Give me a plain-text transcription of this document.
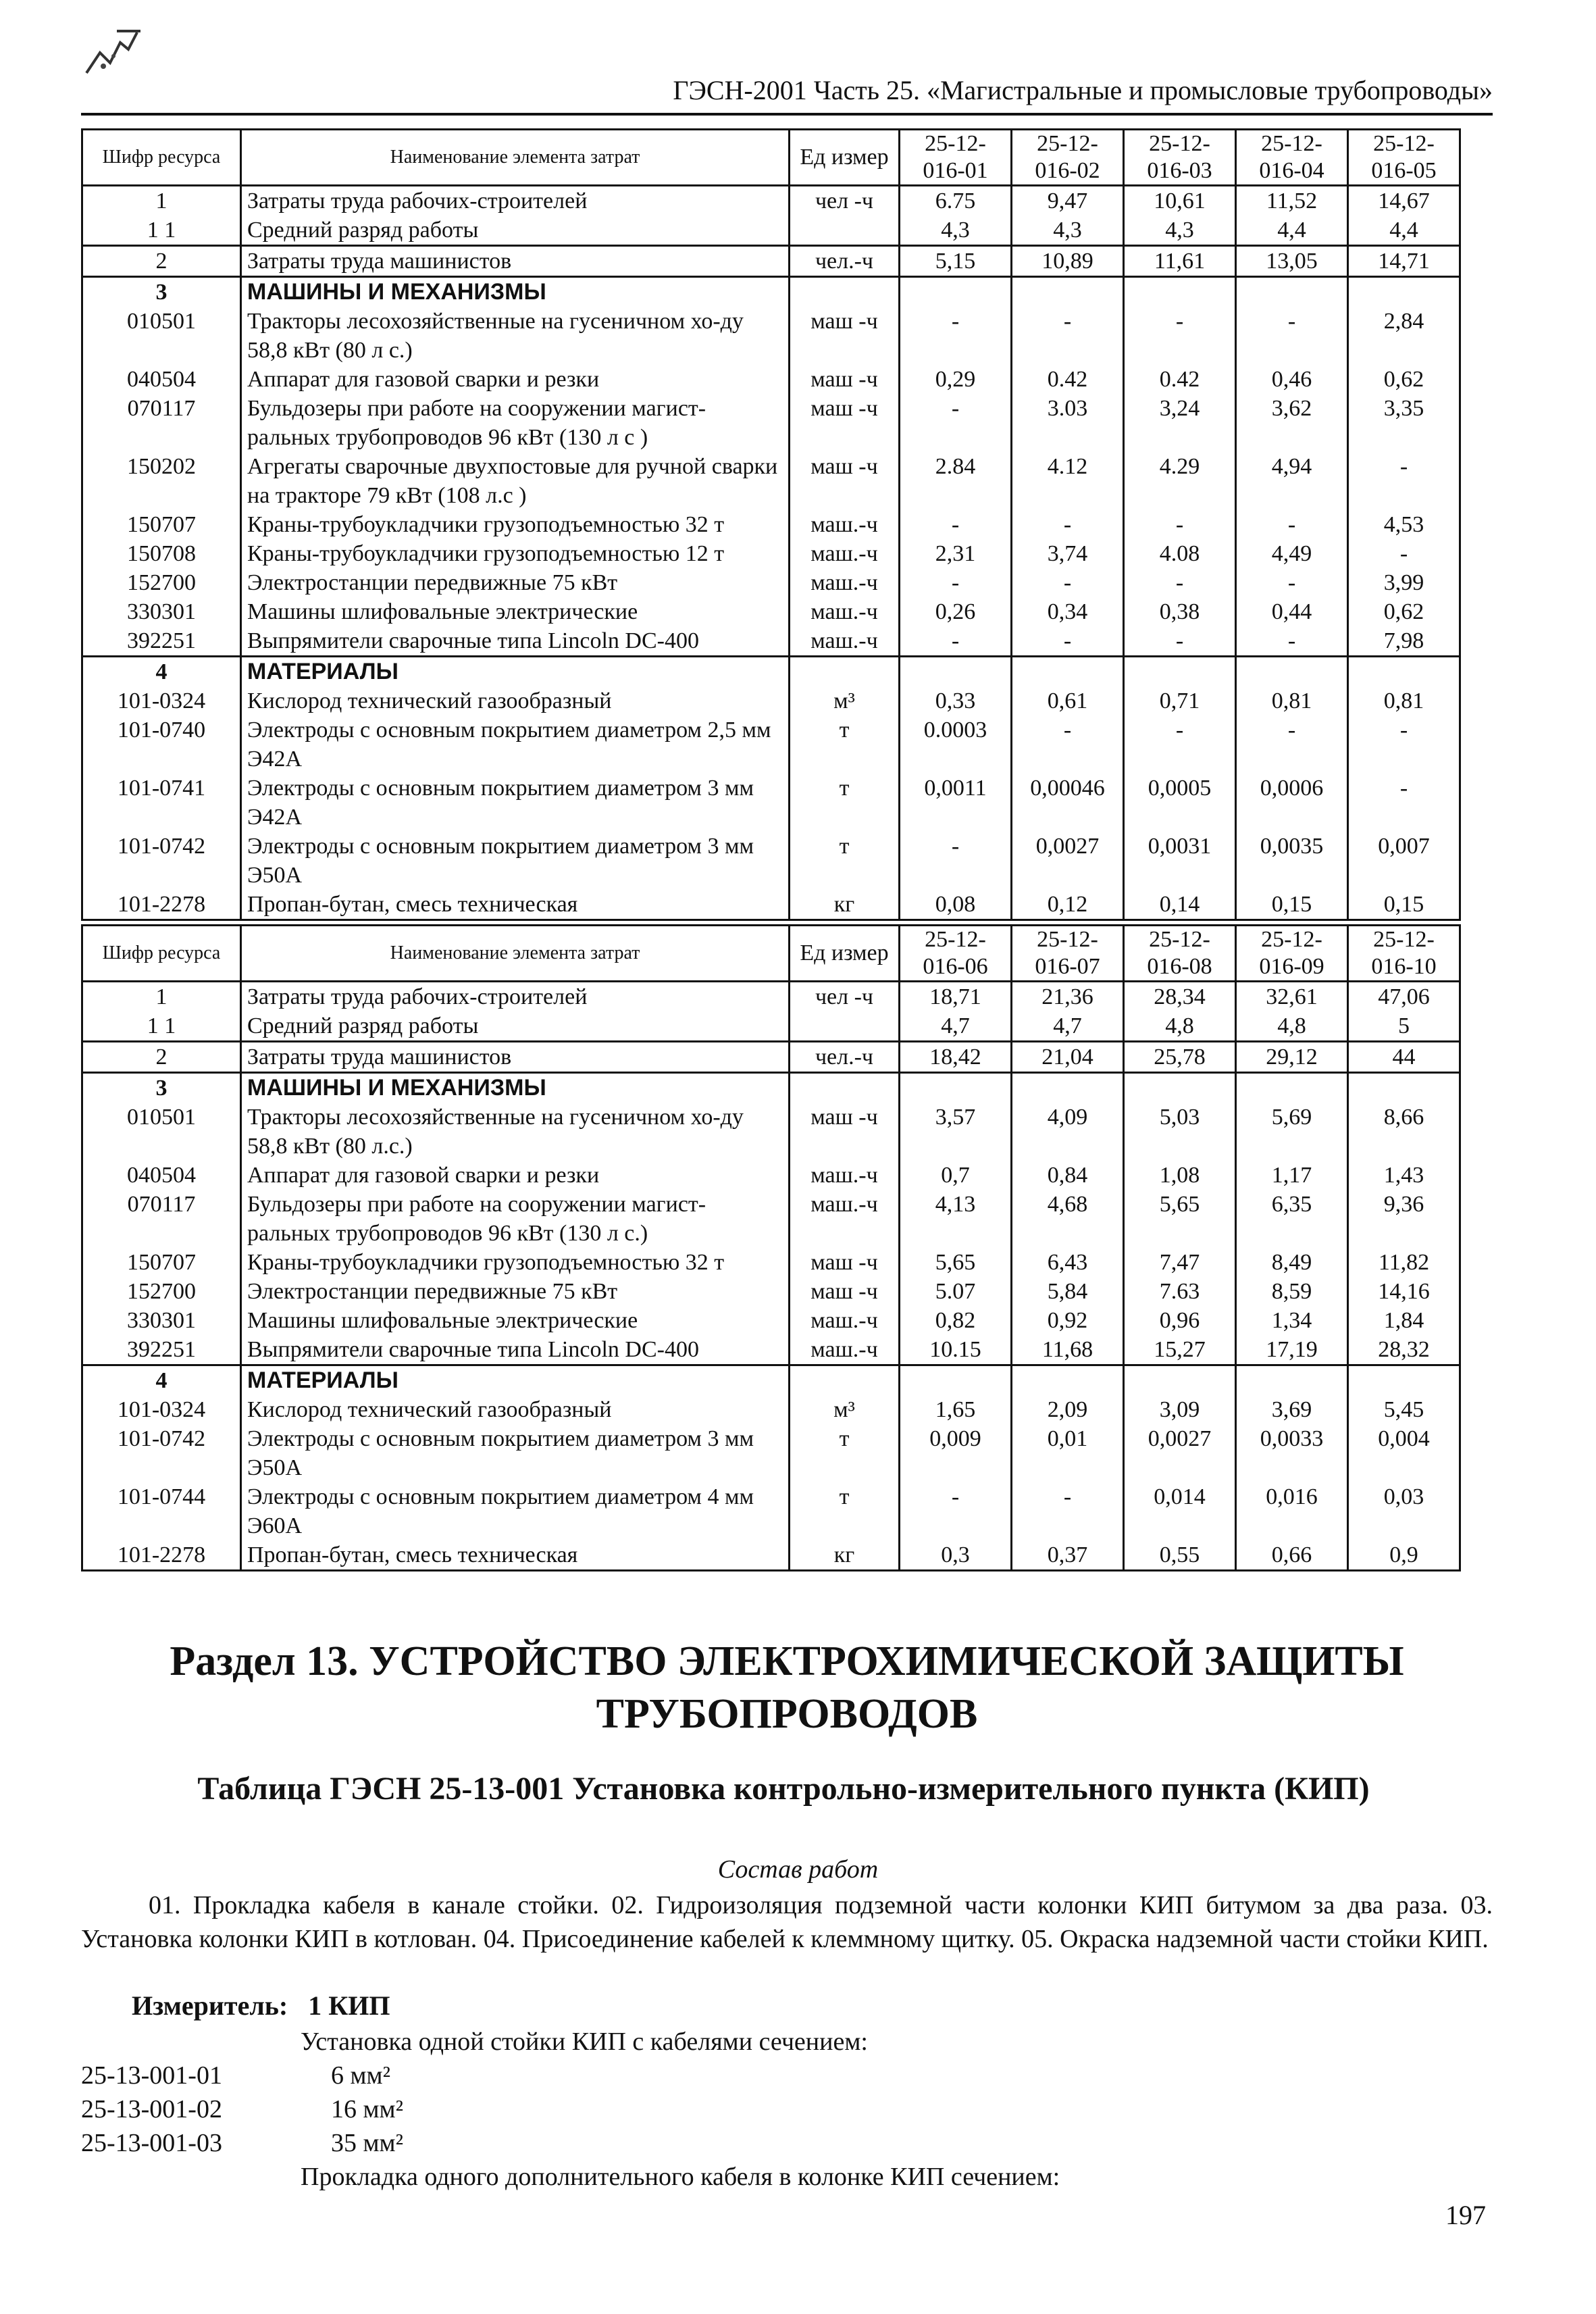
ГЭСН-2001 Часть 25. «Магистральные и промысловые трубопроводы»
Шифр ресурса	Наименование элемента затрат	Ед измер	25-12-016-01	25-12-016-02	25-12-016-03	25-12-016-04	25-12-016-05
1	Затраты труда рабочих-строителей	чел -ч	6.75	9,47	10,61	11,52	14,67
1 1	Средний разряд работы		4,3	4,3	4,3	4,4	4,4
2	Затраты труда машинистов	чел.-ч	5,15	10,89	11,61	13,05	14,71
3	МАШИНЫ И МЕХАНИЗМЫ						
010501	Тракторы лесохозяйственные на гусеничном хо-ду 58,8 кВт (80 л с.)	маш -ч	-	-	-	-	2,84
040504	Аппарат для газовой сварки и резки	маш -ч	0,29	0.42	0.42	0,46	0,62
070117	Бульдозеры при работе на сооружении магист-ральных трубопроводов 96 кВт (130 л с )	маш -ч	-	3.03	3,24	3,62	3,35
150202	Агрегаты сварочные двухпостовые для ручной сварки на тракторе 79 кВт (108 л.с )	маш -ч	2.84	4.12	4.29	4,94	-
150707	Краны-трубоукладчики грузоподъемностью 32 т	маш.-ч	-	-	-	-	4,53
150708	Краны-трубоукладчики грузоподъемностью 12 т	маш.-ч	2,31	3,74	4.08	4,49	-
152700	Электростанции передвижные 75 кВт	маш.-ч	-	-	-	-	3,99
330301	Машины шлифовальные электрические	маш.-ч	0,26	0,34	0,38	0,44	0,62
392251	Выпрямители сварочные типа Lincoln DC-400	маш.-ч	-	-	-	-	7,98
4	МАТЕРИАЛЫ						
101-0324	Кислород технический газообразный	м³	0,33	0,61	0,71	0,81	0,81
101-0740	Электроды с основным покрытием диаметром 2,5 мм Э42А	т	0.0003	-	-	-	-
101-0741	Электроды с основным покрытием диаметром 3 мм Э42А	т	0,0011	0,00046	0,0005	0,0006	-
101-0742	Электроды с основным покрытием диаметром 3 мм Э50А	т	-	0,0027	0,0031	0,0035	0,007
101-2278	Пропан-бутан, смесь техническая	кг	0,08	0,12	0,14	0,15	0,15
Шифр ресурса	Наименование элемента затрат	Ед измер	25-12-016-06	25-12-016-07	25-12-016-08	25-12-016-09	25-12-016-10
1	Затраты труда рабочих-строителей	чел -ч	18,71	21,36	28,34	32,61	47,06
1 1	Средний разряд работы		4,7	4,7	4,8	4,8	5
2	Затраты труда машинистов	чел.-ч	18,42	21,04	25,78	29,12	44
3	МАШИНЫ И МЕХАНИЗМЫ						
010501	Тракторы лесохозяйственные на гусеничном хо-ду 58,8 кВт (80 л.с.)	маш -ч	3,57	4,09	5,03	5,69	8,66
040504	Аппарат для газовой сварки и резки	маш.-ч	0,7	0,84	1,08	1,17	1,43
070117	Бульдозеры при работе на сооружении магист-ральных трубопроводов 96 кВт (130 л с.)	маш.-ч	4,13	4,68	5,65	6,35	9,36
150707	Краны-трубоукладчики грузоподъемностью 32 т	маш -ч	5,65	6,43	7,47	8,49	11,82
152700	Электростанции передвижные 75 кВт	маш -ч	5.07	5,84	7.63	8,59	14,16
330301	Машины шлифовальные электрические	маш.-ч	0,82	0,92	0,96	1,34	1,84
392251	Выпрямители сварочные типа Lincoln DC-400	маш.-ч	10.15	11,68	15,27	17,19	28,32
4	МАТЕРИАЛЫ						
101-0324	Кислород технический газообразный	м³	1,65	2,09	3,09	3,69	5,45
101-0742	Электроды с основным покрытием диаметром 3 мм Э50А	т	0,009	0,01	0,0027	0,0033	0,004
101-0744	Электроды с основным покрытием диаметром 4 мм Э60А	т	-	-	0,014	0,016	0,03
101-2278	Пропан-бутан, смесь техническая	кг	0,3	0,37	0,55	0,66	0,9
Раздел 13. УСТРОЙСТВО ЭЛЕКТРОХИМИЧЕСКОЙ ЗАЩИТЫ
ТРУБОПРОВОДОВ
Таблица ГЭСН 25-13-001 Установка контрольно-измерительного пункта (КИП)
Состав работ

01. Прокладка кабеля в канале стойки. 02. Гидроизоляция подземной части колонки КИП битумом за два раза. 03. Установка колонки КИП в котлован. 04. Присоединение кабелей к клеммному щитку. 05. Окраска надземной части стойки КИП.

Измеритель: 1 КИП
Установка одной стойки КИП с кабелями сечением:
25-13-001-01	6 мм²
25-13-001-02	16 мм²
25-13-001-03	35 мм²
Прокладка одного дополнительного кабеля в колонке КИП сечением:
197
